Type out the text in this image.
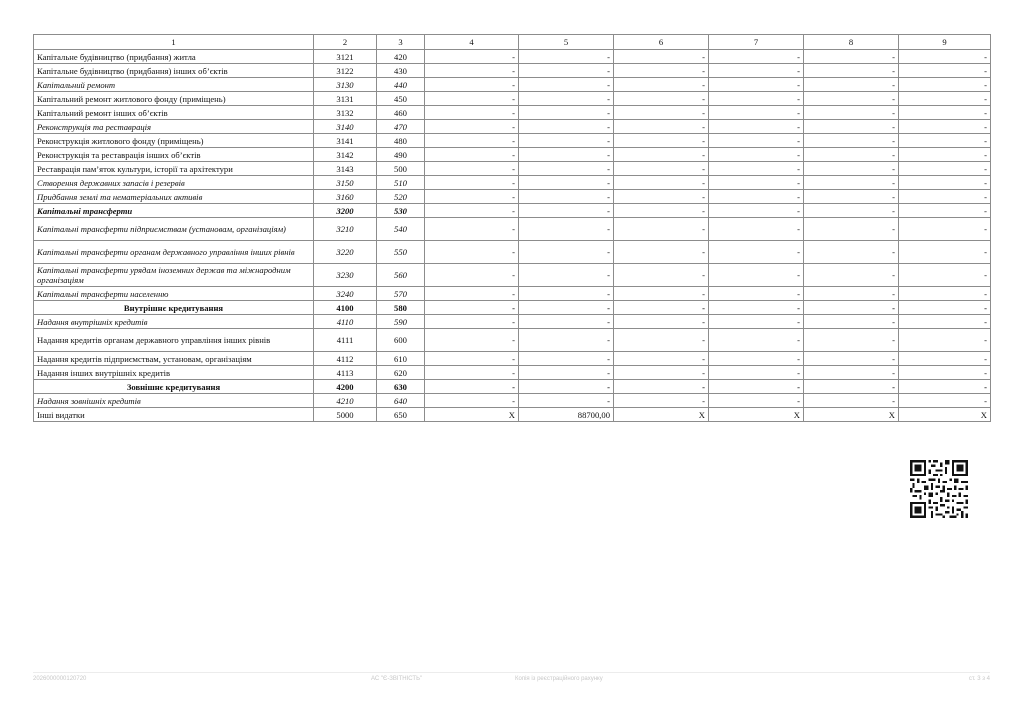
1	2	3	4	5	6	7	8	9
Капітальне будівництво (придбання) житла	3121	420	-	-	-	-	-	-
Капітальне будівництво (придбання) інших об’єктів	3122	430	-	-	-	-	-	-
Капітальний ремонт	3130	440	-	-	-	-	-	-
Капітальний ремонт житлового фонду (приміщень)	3131	450	-	-	-	-	-	-
Капітальний ремонт інших об’єктів	3132	460	-	-	-	-	-	-
Реконструкція та реставрація	3140	470	-	-	-	-	-	-
Реконструкція житлового фонду (приміщень)	3141	480	-	-	-	-	-	-
Реконструкція та реставрація інших об’єктів	3142	490	-	-	-	-	-	-
Реставрація пам’яток культури, історії та архітектури	3143	500	-	-	-	-	-	-
Створення державних запасів і резервів	3150	510	-	-	-	-	-	-
Придбання землі та нематеріальних активів	3160	520	-	-	-	-	-	-
Капітальні трансферти	3200	530	-	-	-	-	-	-
Капітальні трансферти підприємствам (установам, організаціям)	3210	540	-	-	-	-	-	-
Капітальні трансферти органам державного управління інших рівнів	3220	550	-	-	-	-	-	-
Капітальні трансферти урядам іноземних держав та міжнародним організаціям	3230	560	-	-	-	-	-	-
Капітальні трансферти населенню	3240	570	-	-	-	-	-	-
Внутрішнє кредитування	4100	580	-	-	-	-	-	-
Надання внутрішніх кредитів	4110	590	-	-	-	-	-	-
Надання кредитів органам державного управління інших рівнів	4111	600	-	-	-	-	-	-
Надання кредитів підприємствам, установам, організаціям	4112	610	-	-	-	-	-	-
Надання інших внутрішніх кредитів	4113	620	-	-	-	-	-	-
Зовнішнє кредитування	4200	630	-	-	-	-	-	-
Надання зовнішніх кредитів	4210	640	-	-	-	-	-	-
Інші видатки	5000	650	X	88700,00	X	X	X	X
2026000000120720	АС "Є-ЗВІТНІСТЬ"	Копія із реєстраційного рахунку	ст. 3 з 4
